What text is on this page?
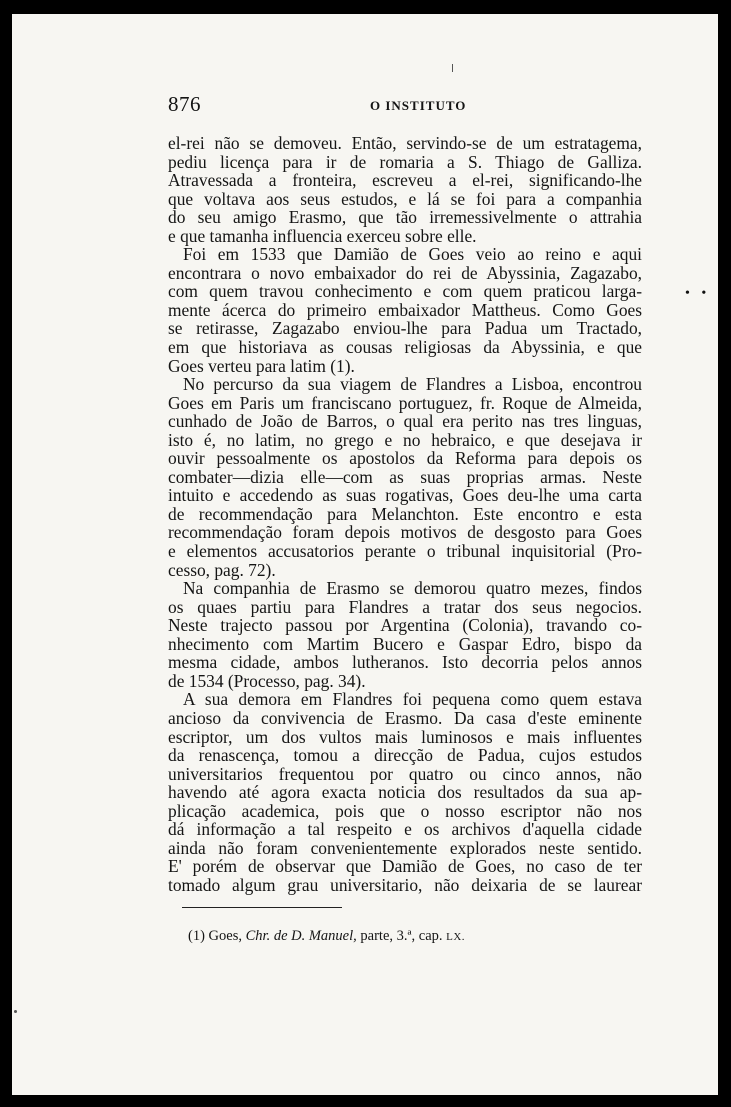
876	O INSTITUTO
el-rei não se demoveu. Então, servindo-se de um estratagema,
pediu licença para ir de romaria a S. Thiago de Galliza.
Atravessada a fronteira, escreveu a el-rei, significando-lhe
que voltava aos seus estudos, e lá se foi para a companhia
do seu amigo Erasmo, que tão irremessivelmente o attrahia
e que tamanha influencia exerceu sobre elle.
Foi em 1533 que Damião de Goes veio ao reino e aqui
encontrara o novo embaixador do rei de Abyssinia, Zagazabo,
com quem travou conhecimento e com quem praticou larga-
mente ácerca do primeiro embaixador Mattheus. Como Goes
se retirasse, Zagazabo enviou-lhe para Padua um Tractado,
em que historiava as cousas religiosas da Abyssinia, e que
Goes verteu para latim (1).
No percurso da sua viagem de Flandres a Lisboa, encontrou
Goes em Paris um franciscano portuguez, fr. Roque de Almeida,
cunhado de João de Barros, o qual era perito nas tres linguas,
isto é, no latim, no grego e no hebraico, e que desejava ir
ouvir pessoalmente os apostolos da Reforma para depois os
combater—dizia elle—com as suas proprias armas. Neste
intuito e accedendo as suas rogativas, Goes deu-lhe uma carta
de recommendação para Melanchton. Este encontro e esta
recommendação foram depois motivos de desgosto para Goes
e elementos accusatorios perante o tribunal inquisitorial (Pro-
cesso, pag. 72).
Na companhia de Erasmo se demorou quatro mezes, findos
os quaes partiu para Flandres a tratar dos seus negocios.
Neste trajecto passou por Argentina (Colonia), travando co-
nhecimento com Martim Bucero e Gaspar Edro, bispo da
mesma cidade, ambos lutheranos. Isto decorria pelos annos
de 1534 (Processo, pag. 34).
A sua demora em Flandres foi pequena como quem estava
ancioso da convivencia de Erasmo. Da casa d'este eminente
escriptor, um dos vultos mais luminosos e mais influentes
da renascença, tomou a direcção de Padua, cujos estudos
universitarios frequentou por quatro ou cinco annos, não
havendo até agora exacta noticia dos resultados da sua ap-
plicação academica, pois que o nosso escriptor não nos
dá informação a tal respeito e os archivos d'aquella cidade
ainda não foram convenientemente explorados neste sentido.
E' porém de observar que Damião de Goes, no caso de ter
tomado algum grau universitario, não deixaria de se laurear
(1) Goes, Chr. de D. Manuel, parte, 3.ª, cap. LX.
• •
